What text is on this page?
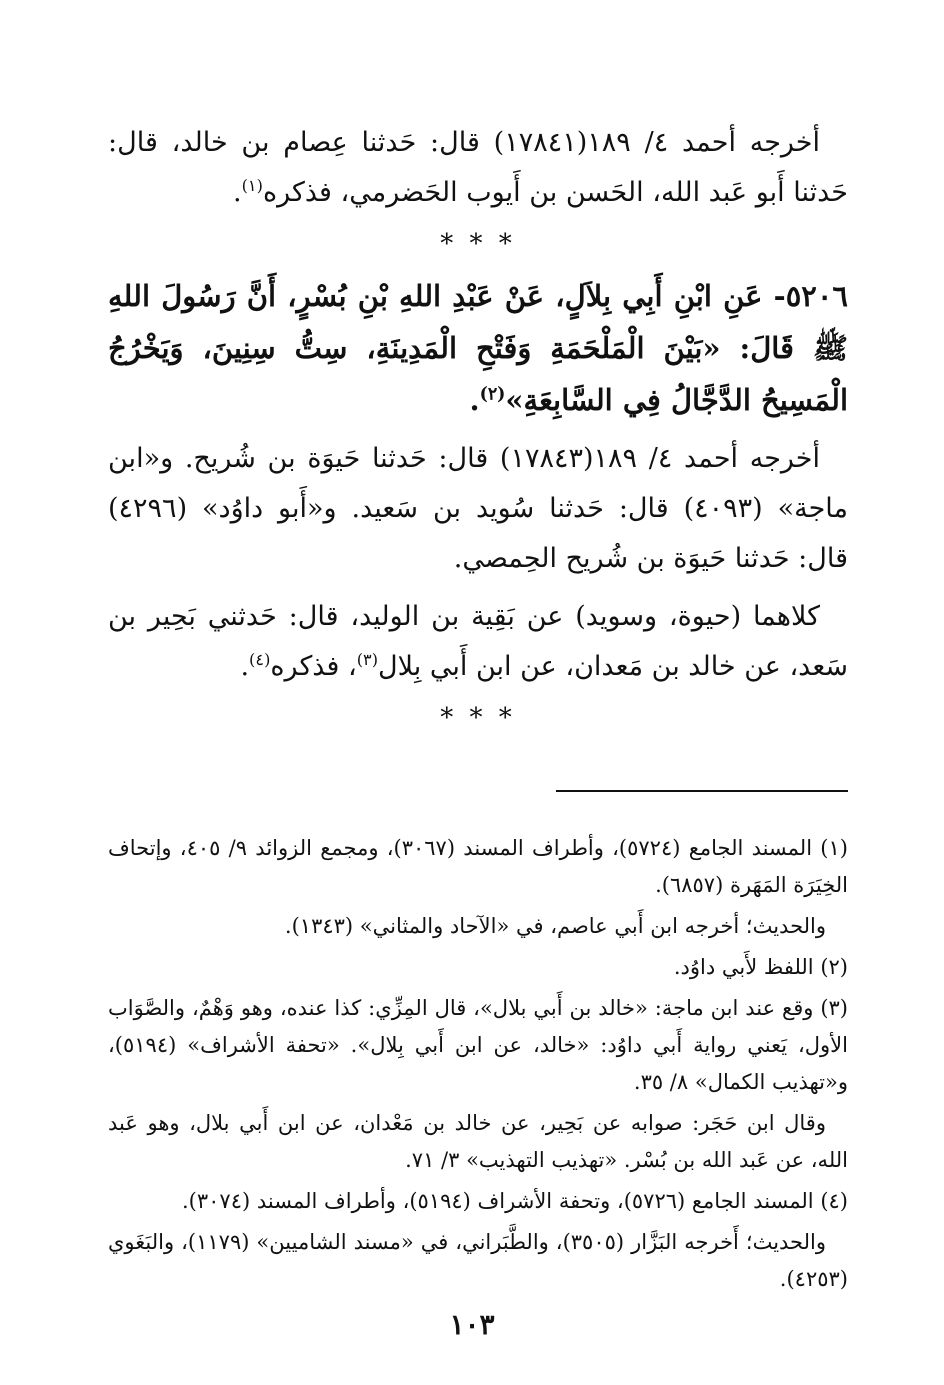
أخرجه أحمد ٤/ ١٨٩(١٧٨٤١) قال: حَدثنا عِصام بن خالد، قال: حَدثنا أَبو عَبد الله، الحَسن بن أَيوب الحَضرمي، فذكره$^{(١)}$.

* * *

٥٢٠٦- عَنِ ابْنِ أَبِي بِلاَلٍ، عَنْ عَبْدِ اللهِ بْنِ بُسْرٍ، أَنَّ رَسُولَ اللهِ ﷺ قَالَ: «بَيْنَ الْمَلْحَمَةِ وَفَتْحِ الْمَدِينَةِ، سِتُّ سِنِينَ، وَيَخْرُجُ الْمَسِيحُ الدَّجَّالُ فِي السَّابِعَةِ»$^{(٢)}$.

أخرجه أحمد ٤/ ١٨٩(١٧٨٤٣) قال: حَدثنا حَيوَة بن شُريح. و«ابن ماجة» (٤٠٩٣) قال: حَدثنا سُويد بن سَعيد. و«أَبو داوُد» (٤٢٩٦) قال: حَدثنا حَيوَة بن شُريح الحِمصي.

كلاهما (حيوة، وسويد) عن بَقِية بن الوليد، قال: حَدثني بَحِير بن سَعد، عن خالد بن مَعدان، عن ابن أَبي بِلال$^{(٣)}$، فذكره$^{(٤)}$.

* * *

(١) المسند الجامع (٥٧٢٤)، وأطراف المسند (٣٠٦٧)، ومجمع الزوائد ٩/ ٤٠٥، وإتحاف الخِيَرَة المَهَرة (٦٨٥٧).

والحديث؛ أخرجه ابن أَبي عاصم، في «الآحاد والمثاني» (١٣٤٣).

(٢) اللفظ لأَبي داوُد.

(٣) وقع عند ابن ماجة: «خالد بن أَبي بلال»، قال المِزِّي: كذا عنده، وهو وَهْمٌ، والصَّوَاب الأول، يَعني رواية أَبي داوُد: «خالد، عن ابن أَبي بِلال». «تحفة الأشراف» (٥١٩٤)، و«تهذيب الكمال» ٨/ ٣٥.

وقال ابن حَجَر: صوابه عن بَحِير، عن خالد بن مَعْدان، عن ابن أَبي بلال، وهو عَبد الله، عن عَبد الله بن بُسْر. «تهذيب التهذيب» ٣/ ٧١.

(٤) المسند الجامع (٥٧٢٦)، وتحفة الأشراف (٥١٩٤)، وأطراف المسند (٣٠٧٤).

والحديث؛ أَخرجه البَزَّار (٣٥٠٥)، والطَّبَراني، في «مسند الشاميين» (١١٧٩)، والبَغَوي (٤٢٥٣).

١٠٣
